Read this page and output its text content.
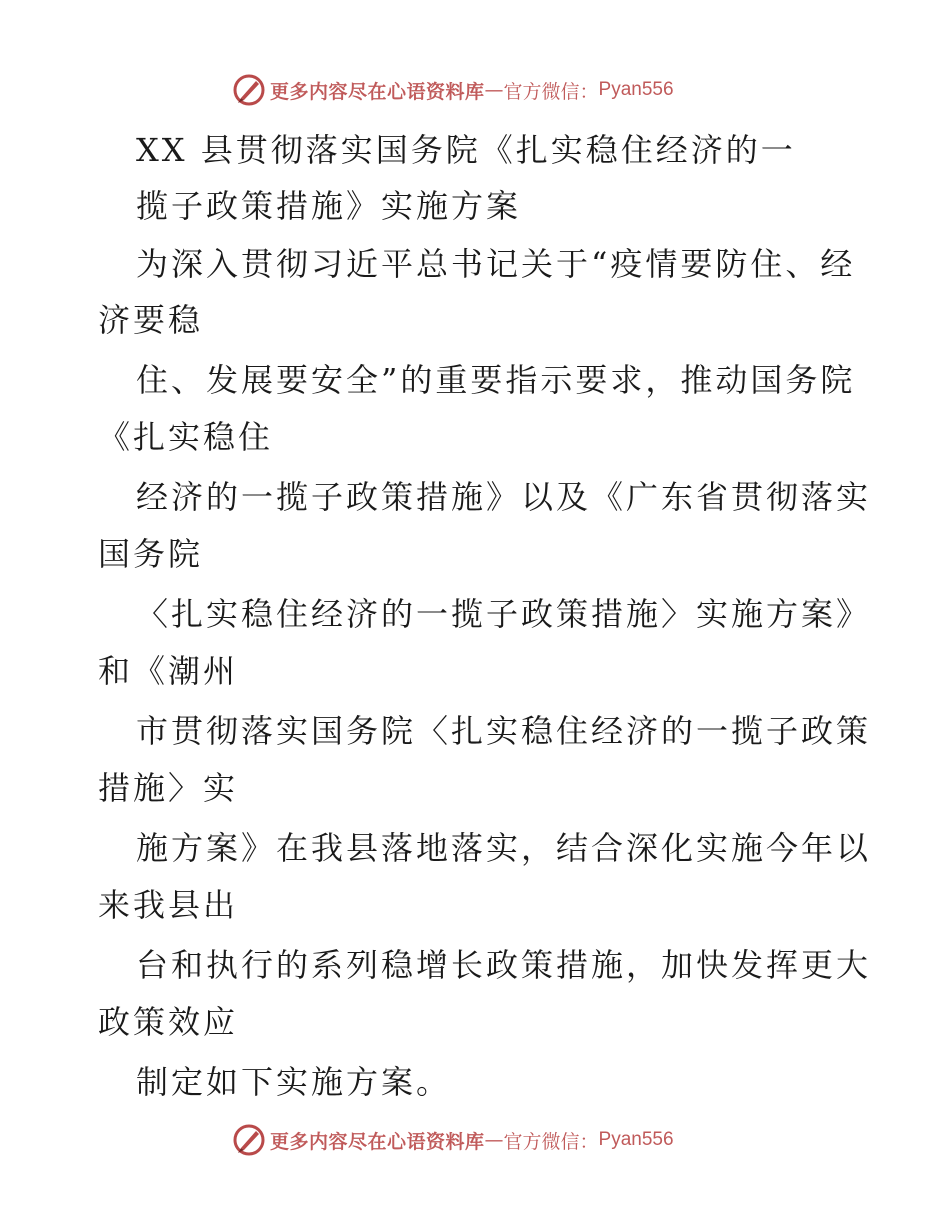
更多内容尽在心语资料库 — 官方微信： Pyan556
XX 县贯彻落实国务院《扎实稳住经济的一
揽子政策措施》实施方案
为深入贯彻习近平总书记关于“疫情要防住、经
济要稳
住、发展要安全”的重要指示要求，推动国务院
《扎实稳住
经济的一揽子政策措施》以及《广东省贯彻落实
国务院
〈扎实稳住经济的一揽子政策措施〉实施方案》
和《潮州
市贯彻落实国务院〈扎实稳住经济的一揽子政策
措施〉实
施方案》在我县落地落实，结合深化实施今年以
来我县出
台和执行的系列稳增长政策措施，加快发挥更大
政策效应
制定如下实施方案。
更多内容尽在心语资料库 — 官方微信： Pyan556
